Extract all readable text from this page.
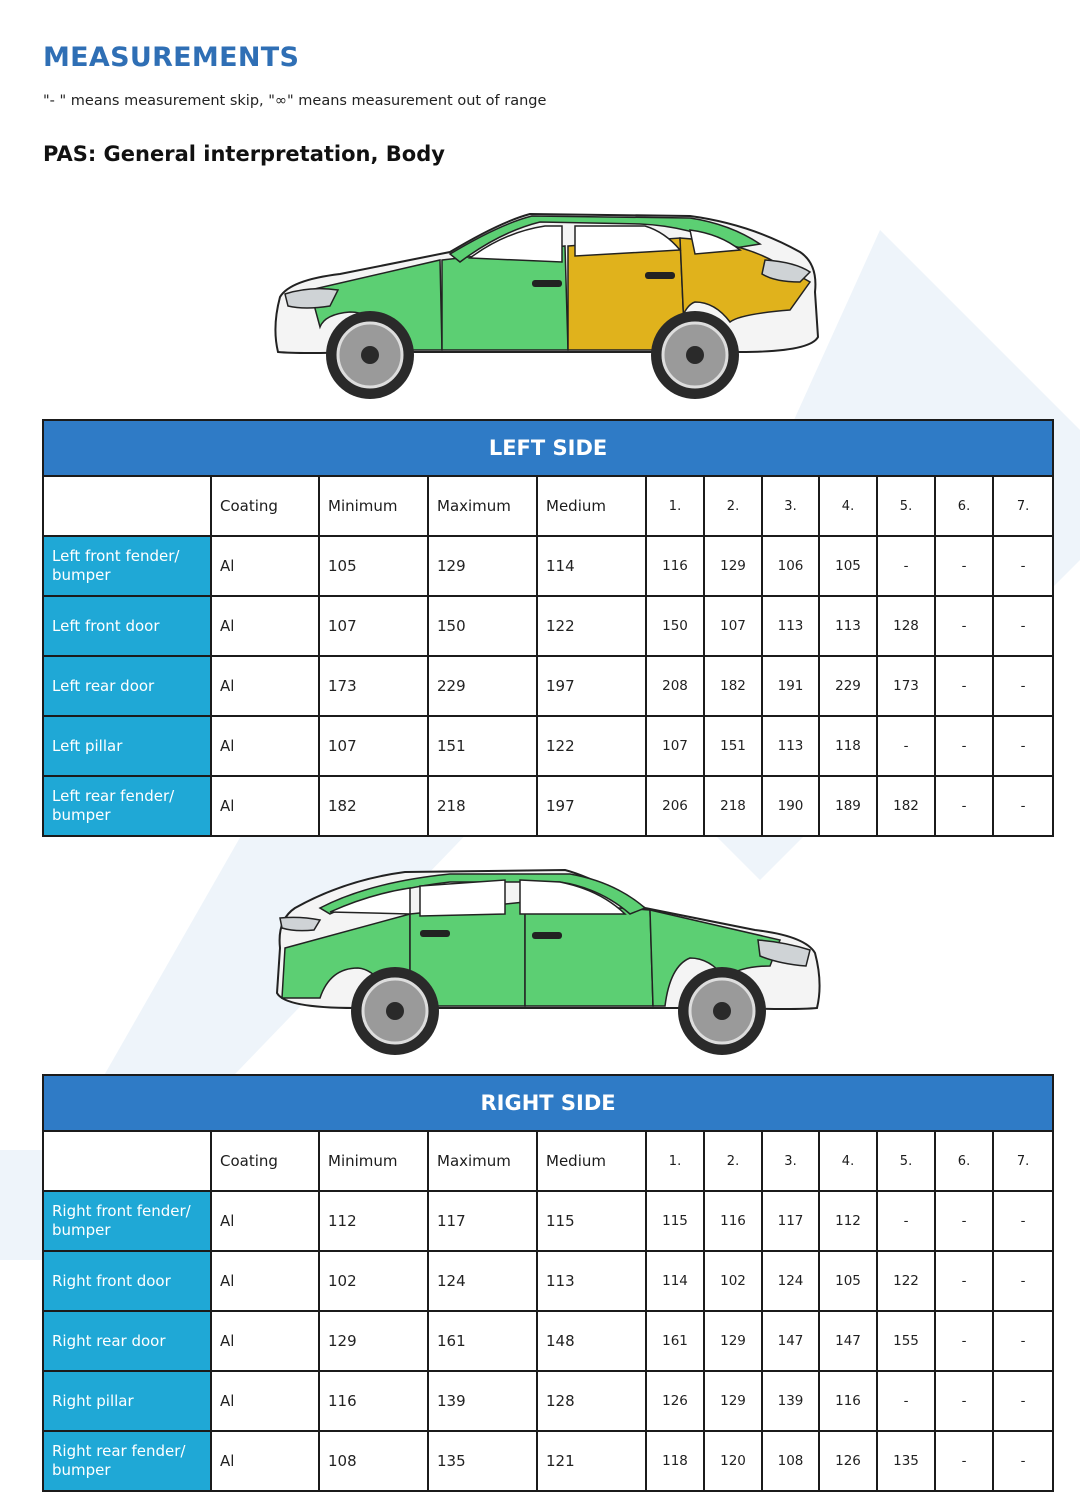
MEASUREMENTS
"- " means measurement skip, "∞" means measurement out of range
PAS: General interpretation, Body
LEFT SIDE											
	Coating	Minimum	Maximum	Medium	1.	2.	3.	4.	5.	6.	7.
Left front fender/ bumper	Al	105	129	114	116	129	106	105	-	-	-
Left front door	Al	107	150	122	150	107	113	113	128	-	-
Left rear door	Al	173	229	197	208	182	191	229	173	-	-
Left pillar	Al	107	151	122	107	151	113	118	-	-	-
Left rear fender/ bumper	Al	182	218	197	206	218	190	189	182	-	-
RIGHT SIDE											
	Coating	Minimum	Maximum	Medium	1.	2.	3.	4.	5.	6.	7.
Right front fender/ bumper	Al	112	117	115	115	116	117	112	-	-	-
Right front door	Al	102	124	113	114	102	124	105	122	-	-
Right rear door	Al	129	161	148	161	129	147	147	155	-	-
Right pillar	Al	116	139	128	126	129	139	116	-	-	-
Right rear fender/ bumper	Al	108	135	121	118	120	108	126	135	-	-
